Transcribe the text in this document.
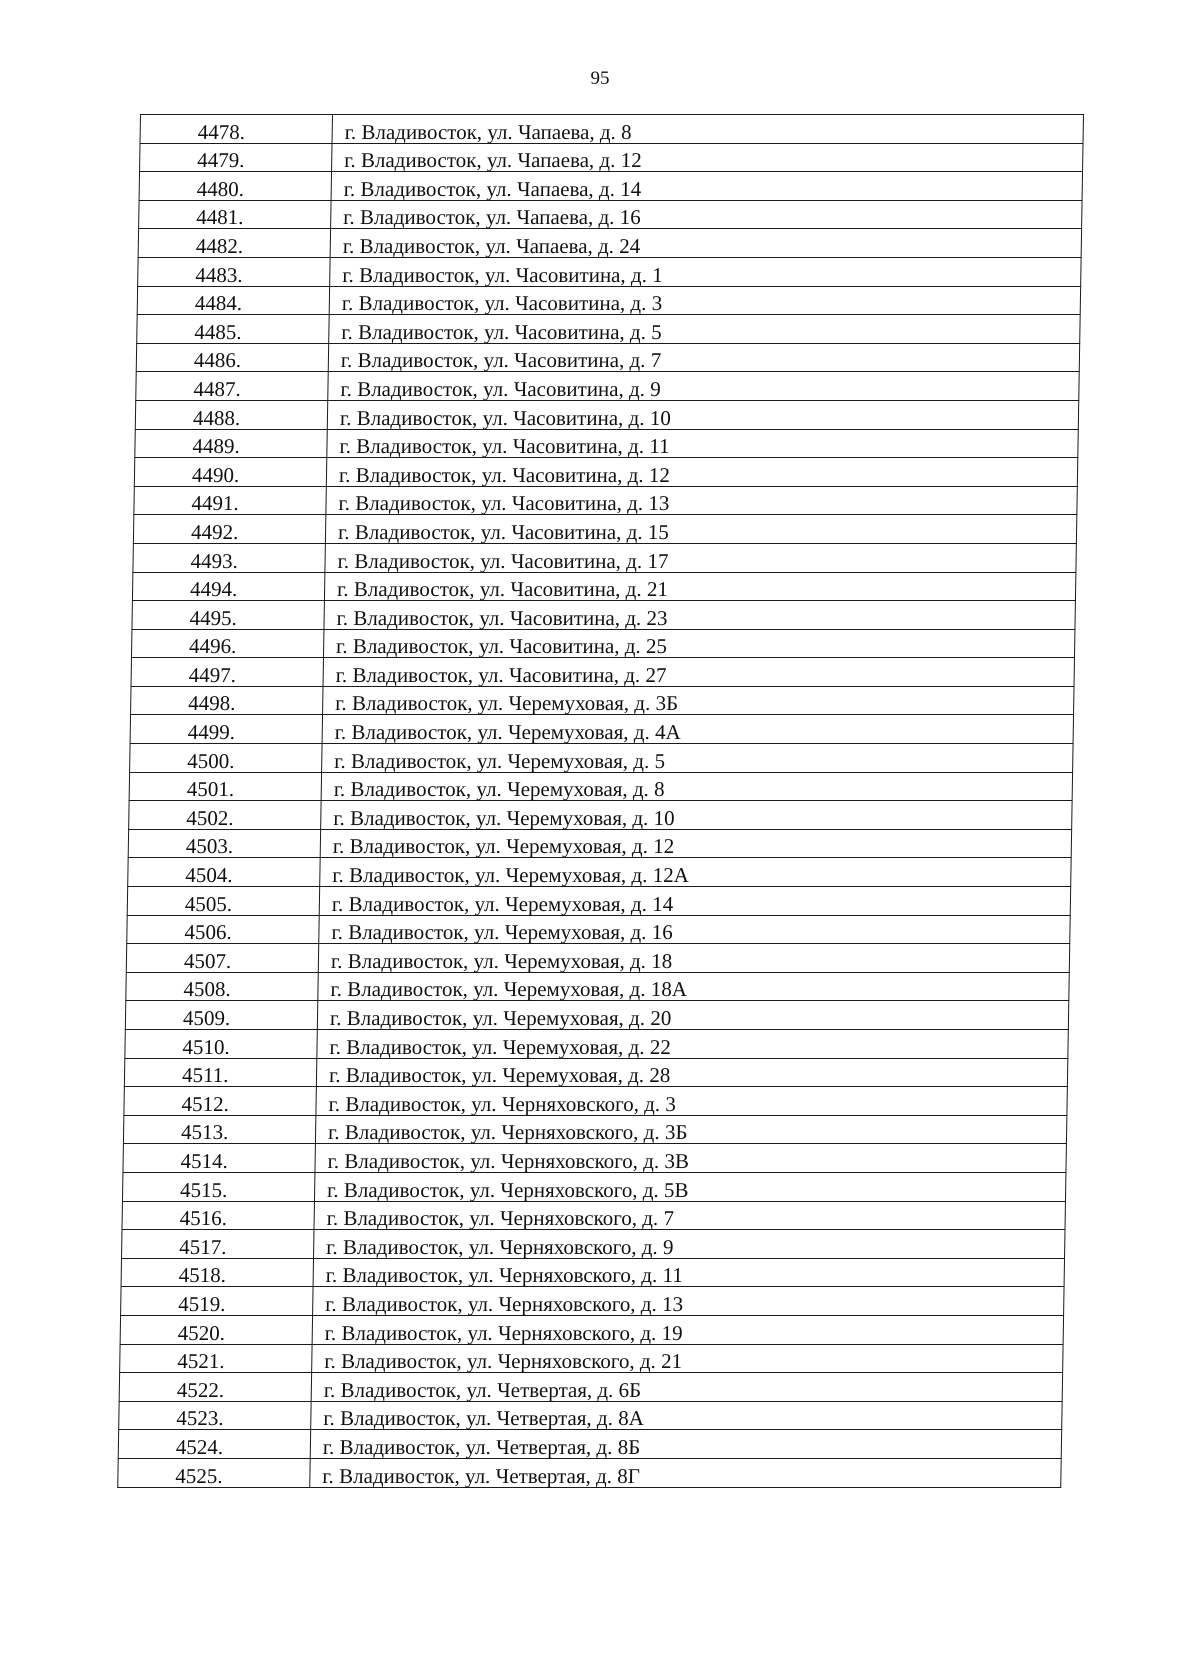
95
4478.	г. Владивосток, ул. Чапаева, д. 8
4479.	г. Владивосток, ул. Чапаева, д. 12
4480.	г. Владивосток, ул. Чапаева, д. 14
4481.	г. Владивосток, ул. Чапаева, д. 16
4482.	г. Владивосток, ул. Чапаева, д. 24
4483.	г. Владивосток, ул. Часовитина, д. 1
4484.	г. Владивосток, ул. Часовитина, д. 3
4485.	г. Владивосток, ул. Часовитина, д. 5
4486.	г. Владивосток, ул. Часовитина, д. 7
4487.	г. Владивосток, ул. Часовитина, д. 9
4488.	г. Владивосток, ул. Часовитина, д. 10
4489.	г. Владивосток, ул. Часовитина, д. 11
4490.	г. Владивосток, ул. Часовитина, д. 12
4491.	г. Владивосток, ул. Часовитина, д. 13
4492.	г. Владивосток, ул. Часовитина, д. 15
4493.	г. Владивосток, ул. Часовитина, д. 17
4494.	г. Владивосток, ул. Часовитина, д. 21
4495.	г. Владивосток, ул. Часовитина, д. 23
4496.	г. Владивосток, ул. Часовитина, д. 25
4497.	г. Владивосток, ул. Часовитина, д. 27
4498.	г. Владивосток, ул. Черемуховая, д. 3Б
4499.	г. Владивосток, ул. Черемуховая, д. 4А
4500.	г. Владивосток, ул. Черемуховая, д. 5
4501.	г. Владивосток, ул. Черемуховая, д. 8
4502.	г. Владивосток, ул. Черемуховая, д. 10
4503.	г. Владивосток, ул. Черемуховая, д. 12
4504.	г. Владивосток, ул. Черемуховая, д. 12А
4505.	г. Владивосток, ул. Черемуховая, д. 14
4506.	г. Владивосток, ул. Черемуховая, д. 16
4507.	г. Владивосток, ул. Черемуховая, д. 18
4508.	г. Владивосток, ул. Черемуховая, д. 18А
4509.	г. Владивосток, ул. Черемуховая, д. 20
4510.	г. Владивосток, ул. Черемуховая, д. 22
4511.	г. Владивосток, ул. Черемуховая, д. 28
4512.	г. Владивосток, ул. Черняховского, д. 3
4513.	г. Владивосток, ул. Черняховского, д. 3Б
4514.	г. Владивосток, ул. Черняховского, д. 3В
4515.	г. Владивосток, ул. Черняховского, д. 5В
4516.	г. Владивосток, ул. Черняховского, д. 7
4517.	г. Владивосток, ул. Черняховского, д. 9
4518.	г. Владивосток, ул. Черняховского, д. 11
4519.	г. Владивосток, ул. Черняховского, д. 13
4520.	г. Владивосток, ул. Черняховского, д. 19
4521.	г. Владивосток, ул. Черняховского, д. 21
4522.	г. Владивосток, ул. Четвертая, д. 6Б
4523.	г. Владивосток, ул. Четвертая, д. 8А
4524.	г. Владивосток, ул. Четвертая, д. 8Б
4525.	г. Владивосток, ул. Четвертая, д. 8Г
